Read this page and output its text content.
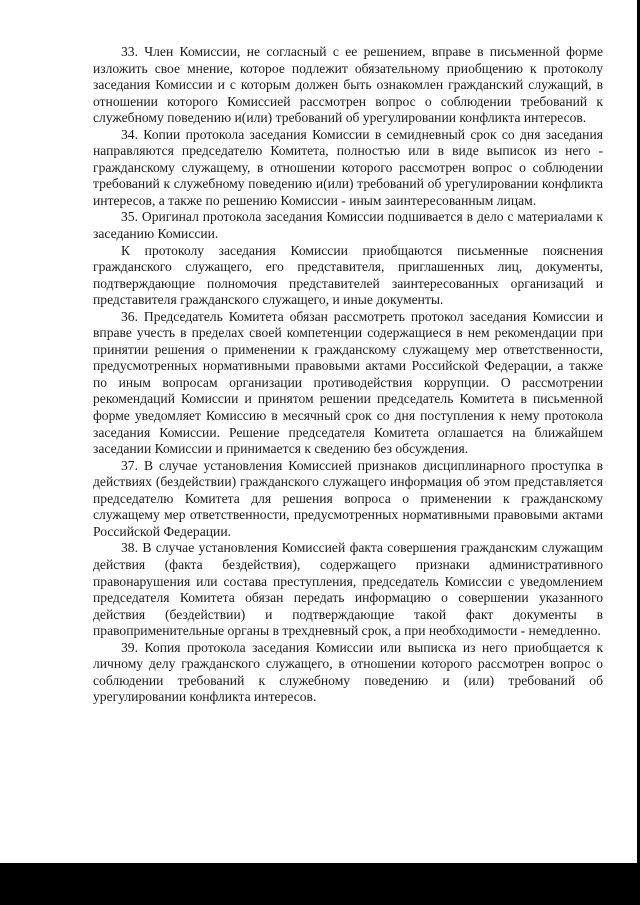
33. Член Комиссии, не согласный с ее решением, вправе в письменной форме изложить свое мнение, которое подлежит обязательному приобщению к протоколу заседания Комиссии и с которым должен быть ознакомлен гражданский служащий, в отношении которого Комиссией рассмотрен вопрос о соблюдении требований к служебному поведению и(или) требований об урегулировании конфликта интересов.

34. Копии протокола заседания Комиссии в семидневный срок со дня заседания направляются председателю Комитета, полностью или в виде выписок из него - гражданскому служащему, в отношении которого рассмотрен вопрос о соблюдении требований к служебному поведению и(или) требований об урегулировании конфликта интересов, а также по решению Комиссии - иным заинтересованным лицам.

35. Оригинал протокола заседания Комиссии подшивается в дело с материалами к заседанию Комиссии.

К протоколу заседания Комиссии приобщаются письменные пояснения гражданского служащего, его представителя, приглашенных лиц, документы, подтверждающие полномочия представителей заинтересованных организаций и представителя гражданского служащего, и иные документы.

36. Председатель Комитета обязан рассмотреть протокол заседания Комиссии и вправе учесть в пределах своей компетенции содержащиеся в нем рекомендации при принятии решения о применении к гражданскому служащему мер ответственности, предусмотренных нормативными правовыми актами Российской Федерации, а также по иным вопросам организации противодействия коррупции. О рассмотрении рекомендаций Комиссии и принятом решении председатель Комитета в письменной форме уведомляет Комиссию в месячный срок со дня поступления к нему протокола заседания Комиссии. Решение председателя Комитета оглашается на ближайшем заседании Комиссии и принимается к сведению без обсуждения.

37. В случае установления Комиссией признаков дисциплинарного проступка в действиях (бездействии) гражданского служащего информация об этом представляется председателю Комитета для решения вопроса о применении к гражданскому служащему мер ответственности, предусмотренных нормативными правовыми актами Российской Федерации.

38. В случае установления Комиссией факта совершения гражданским служащим действия (факта бездействия), содержащего признаки административного правонарушения или состава преступления, председатель Комиссии с уведомлением председателя Комитета обязан передать информацию о совершении указанного действия (бездействии) и подтверждающие такой факт документы в правоприменительные органы в трехдневный срок, а при необходимости - немедленно.

39. Копия протокола заседания Комиссии или выписка из него приобщается к личному делу гражданского служащего, в отношении которого рассмотрен вопрос о соблюдении требований к служебному поведению и (или) требований об урегулировании конфликта интересов.
